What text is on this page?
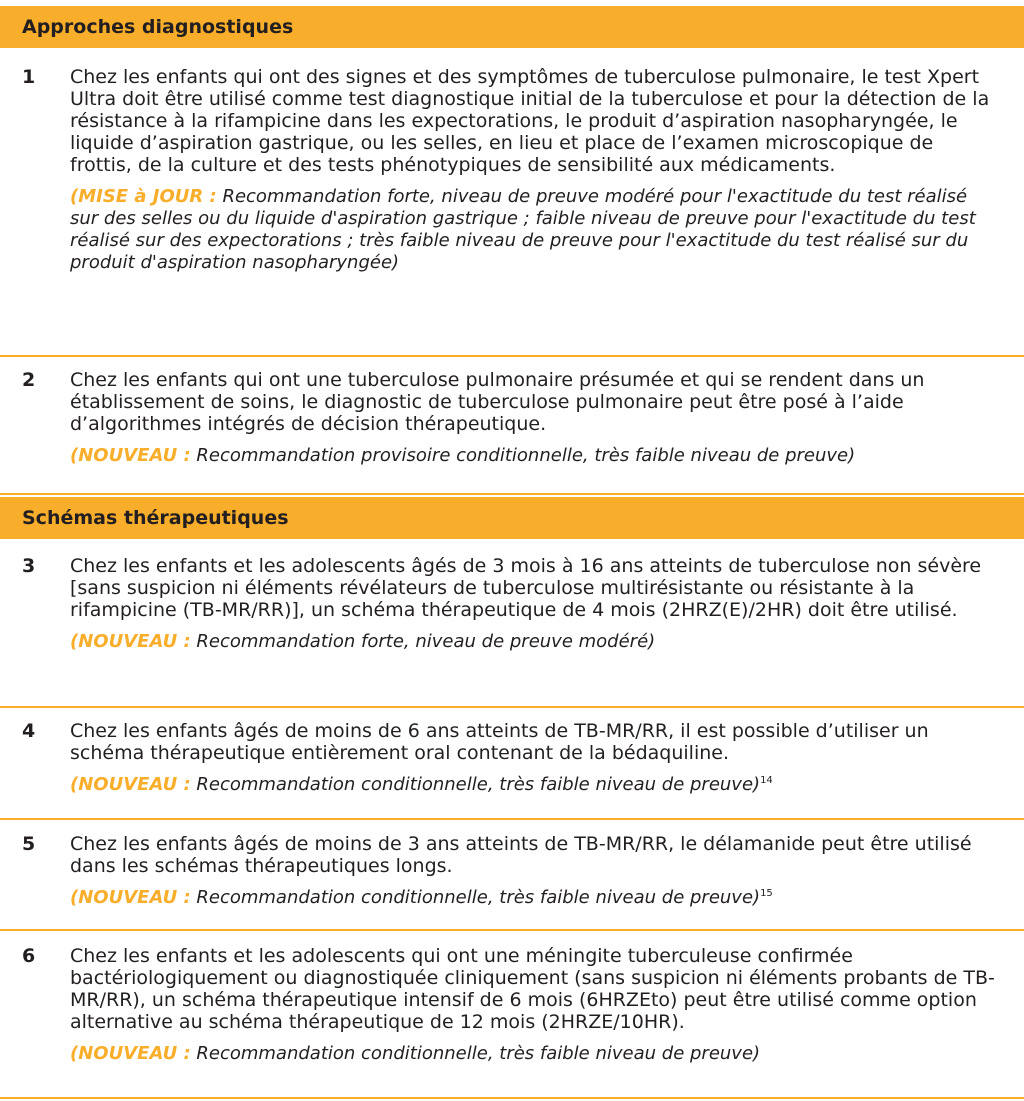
Approches diagnostiques
1 Chez les enfants qui ont des signes et des symptômes de tuberculose pulmonaire, le test Xpert Ultra doit être utilisé comme test diagnostique initial de la tuberculose et pour la détection de la résistance à la rifampicine dans les expectorations, le produit d’aspiration nasopharyngée, le liquide d’aspiration gastrique, ou les selles, en lieu et place de l’examen microscopique de frottis, de la culture et des tests phénotypiques de sensibilité aux médicaments.

(MISE à JOUR : Recommandation forte, niveau de preuve modéré pour l'exactitude du test réalisé sur des selles ou du liquide d'aspiration gastrique ; faible niveau de preuve pour l'exactitude du test réalisé sur des expectorations ; très faible niveau de preuve pour l'exactitude du test réalisé sur du produit d'aspiration nasopharyngée)

2 Chez les enfants qui ont une tuberculose pulmonaire présumée et qui se rendent dans un établissement de soins, le diagnostic de tuberculose pulmonaire peut être posé à l’aide d’algorithmes intégrés de décision thérapeutique.

(NOUVEAU : Recommandation provisoire conditionnelle, très faible niveau de preuve)

Schémas thérapeutiques
3 Chez les enfants et les adolescents âgés de 3 mois à 16 ans atteints de tuberculose non sévère [sans suspicion ni éléments révélateurs de tuberculose multirésistante ou résistante à la rifampicine (TB-MR/RR)], un schéma thérapeutique de 4 mois (2HRZ(E)/2HR) doit être utilisé.

(NOUVEAU : Recommandation forte, niveau de preuve modéré)

4 Chez les enfants âgés de moins de 6 ans atteints de TB-MR/RR, il est possible d’utiliser un schéma thérapeutique entièrement oral contenant de la bédaquiline.

(NOUVEAU : Recommandation conditionnelle, très faible niveau de preuve)$^{14}$

5 Chez les enfants âgés de moins de 3 ans atteints de TB-MR/RR, le délamanide peut être utilisé dans les schémas thérapeutiques longs.

(NOUVEAU : Recommandation conditionnelle, très faible niveau de preuve)$^{15}$

6 Chez les enfants et les adolescents qui ont une méningite tuberculeuse confirmée bactériologiquement ou diagnostiquée cliniquement (sans suspicion ni éléments probants de TB-MR/RR), un schéma thérapeutique intensif de 6 mois (6HRZEto) peut être utilisé comme option alternative au schéma thérapeutique de 12 mois (2HRZE/10HR).

(NOUVEAU : Recommandation conditionnelle, très faible niveau de preuve)
